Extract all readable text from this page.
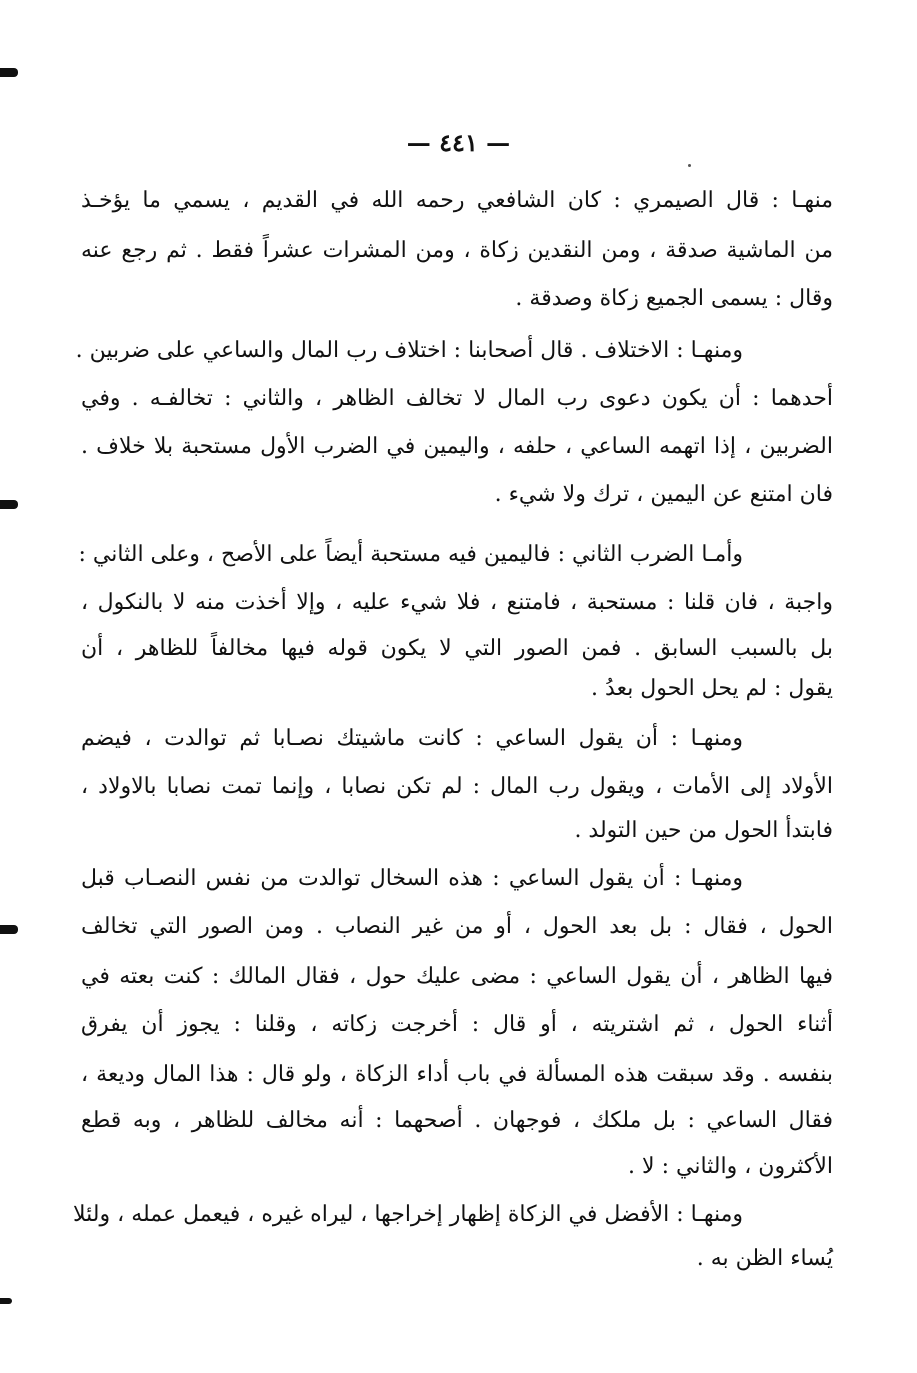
— ٤٤١ —
منهـا : قال الصيمري : كان الشافعي رحمه الله في القديم ، يسمي ما يؤخـذ
من الماشية صدقة ، ومن النقدين زكاة ، ومن المشرات عشراً فقط . ثم رجع عنه
وقال : يسمى الجميع زكاة وصدقة .
ومنهـا : الاختلاف . قال أصحابنا : اختلاف رب المال والساعي على ضربين .
أحدهما : أن يكون دعوى رب المال لا تخالف الظاهر ، والثاني : تخالفـه . وفي
الضربين ، إذا اتهمه الساعي ، حلفه ، واليمين في الضرب الأول مستحبة بلا خلاف .
فان امتنع عن اليمين ، ترك ولا شيء .
وأمـا الضرب الثاني : فاليمين فيه مستحبة أيضاً على الأصح ، وعلى الثاني :
واجبة ، فان قلنا : مستحبة ، فامتنع ، فلا شيء عليه ، وإلا أخذت منه لا بالنكول ،
بل بالسبب السابق . فمن الصور التي لا يكون قوله فيها مخالفاً للظاهر ، أن
يقول : لم يحل الحول بعدُ .
ومنهـا : أن يقول الساعي : كانت ماشيتك نصـابا ثم توالدت ، فيضم
الأولاد إلى الأمات ، ويقول رب المال : لم تكن نصابا ، وإنما تمت نصابا بالاولاد ،
فابتدأ الحول من حين التولد .
ومنهـا : أن يقول الساعي : هذه السخال توالدت من نفس النصـاب قبل
الحول ، فقال : بل بعد الحول ، أو من غير النصاب . ومن الصور التي تخالف
فيها الظاهر ، أن يقول الساعي : مضى عليك حول ، فقال المالك : كنت بعته في
أثناء الحول ، ثم اشتريته ، أو قال : أخرجت زكاته ، وقلنا : يجوز أن يفرق
بنفسه . وقد سبقت هذه المسألة في باب أداء الزكاة ، ولو قال : هذا المال وديعة ،
فقال الساعي : بل ملكك ، فوجهان . أصحهما : أنه مخالف للظاهر ، وبه قطع
الأكثرون ، والثاني : لا .
ومنهـا : الأفضل في الزكاة إظهار إخراجها ، ليراه غيره ، فيعمل عمله ، ولئلا
يُساء الظن به .
